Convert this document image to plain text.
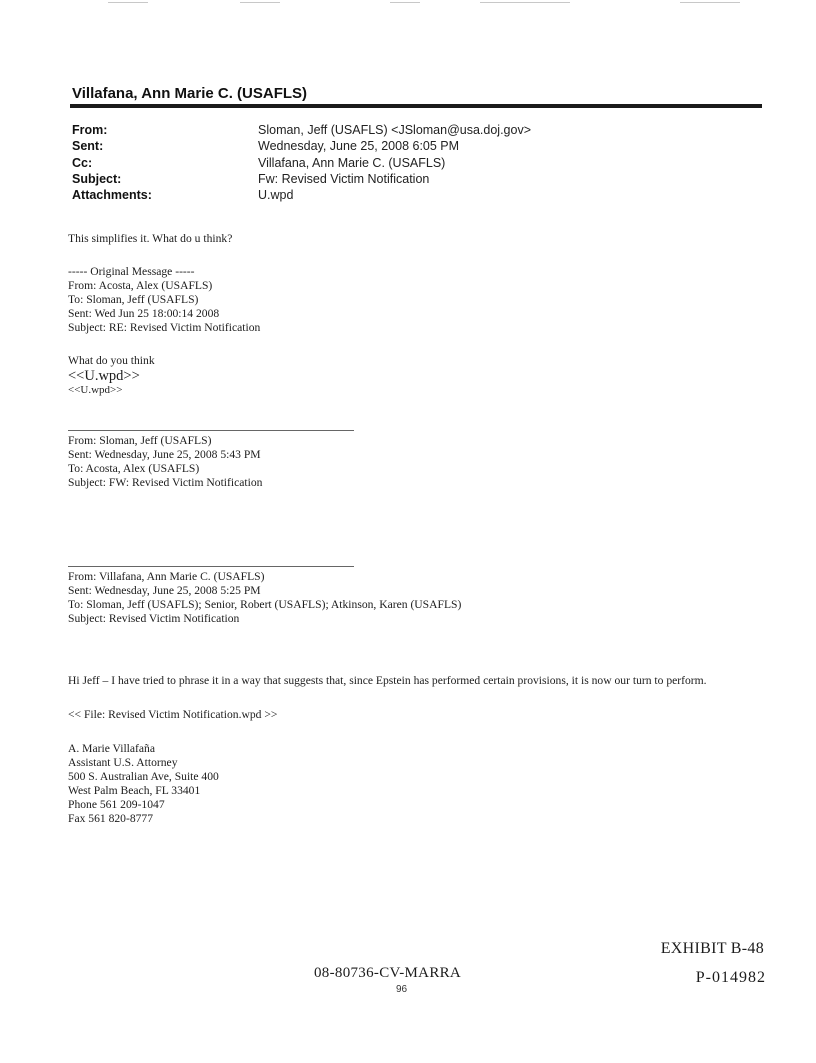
Villafana, Ann Marie C. (USAFLS)
From:	Sloman, Jeff (USAFLS) <JSloman@usa.doj.gov>
Sent:	Wednesday, June 25, 2008 6:05 PM
Cc:	Villafana, Ann Marie C. (USAFLS)
Subject:	Fw: Revised Victim Notification
Attachments:	U.wpd

This simplifies it. What do u think?

----- Original Message -----

From: Acosta, Alex (USAFLS)

To: Sloman, Jeff (USAFLS)

Sent: Wed Jun 25 18:00:14 2008

Subject: RE: Revised Victim Notification

What do you think

<<U.wpd>>

<<U.wpd>>

From: Sloman, Jeff (USAFLS)

Sent: Wednesday, June 25, 2008 5:43 PM

To: Acosta, Alex (USAFLS)

Subject: FW: Revised Victim Notification

From: Villafana, Ann Marie C. (USAFLS)

Sent: Wednesday, June 25, 2008 5:25 PM

To: Sloman, Jeff (USAFLS); Senior, Robert (USAFLS); Atkinson, Karen (USAFLS)

Subject: Revised Victim Notification

Hi Jeff – I have tried to phrase it in a way that suggests that, since Epstein has performed certain provisions, it is now our turn to perform.

<< File: Revised Victim Notification.wpd >>

A. Marie Villafaña

Assistant U.S. Attorney

500 S. Australian Ave, Suite 400

West Palm Beach, FL 33401

Phone 561 209-1047

Fax 561 820-8777

EXHIBIT B-48
P-014982
08-80736-CV-MARRA
96
